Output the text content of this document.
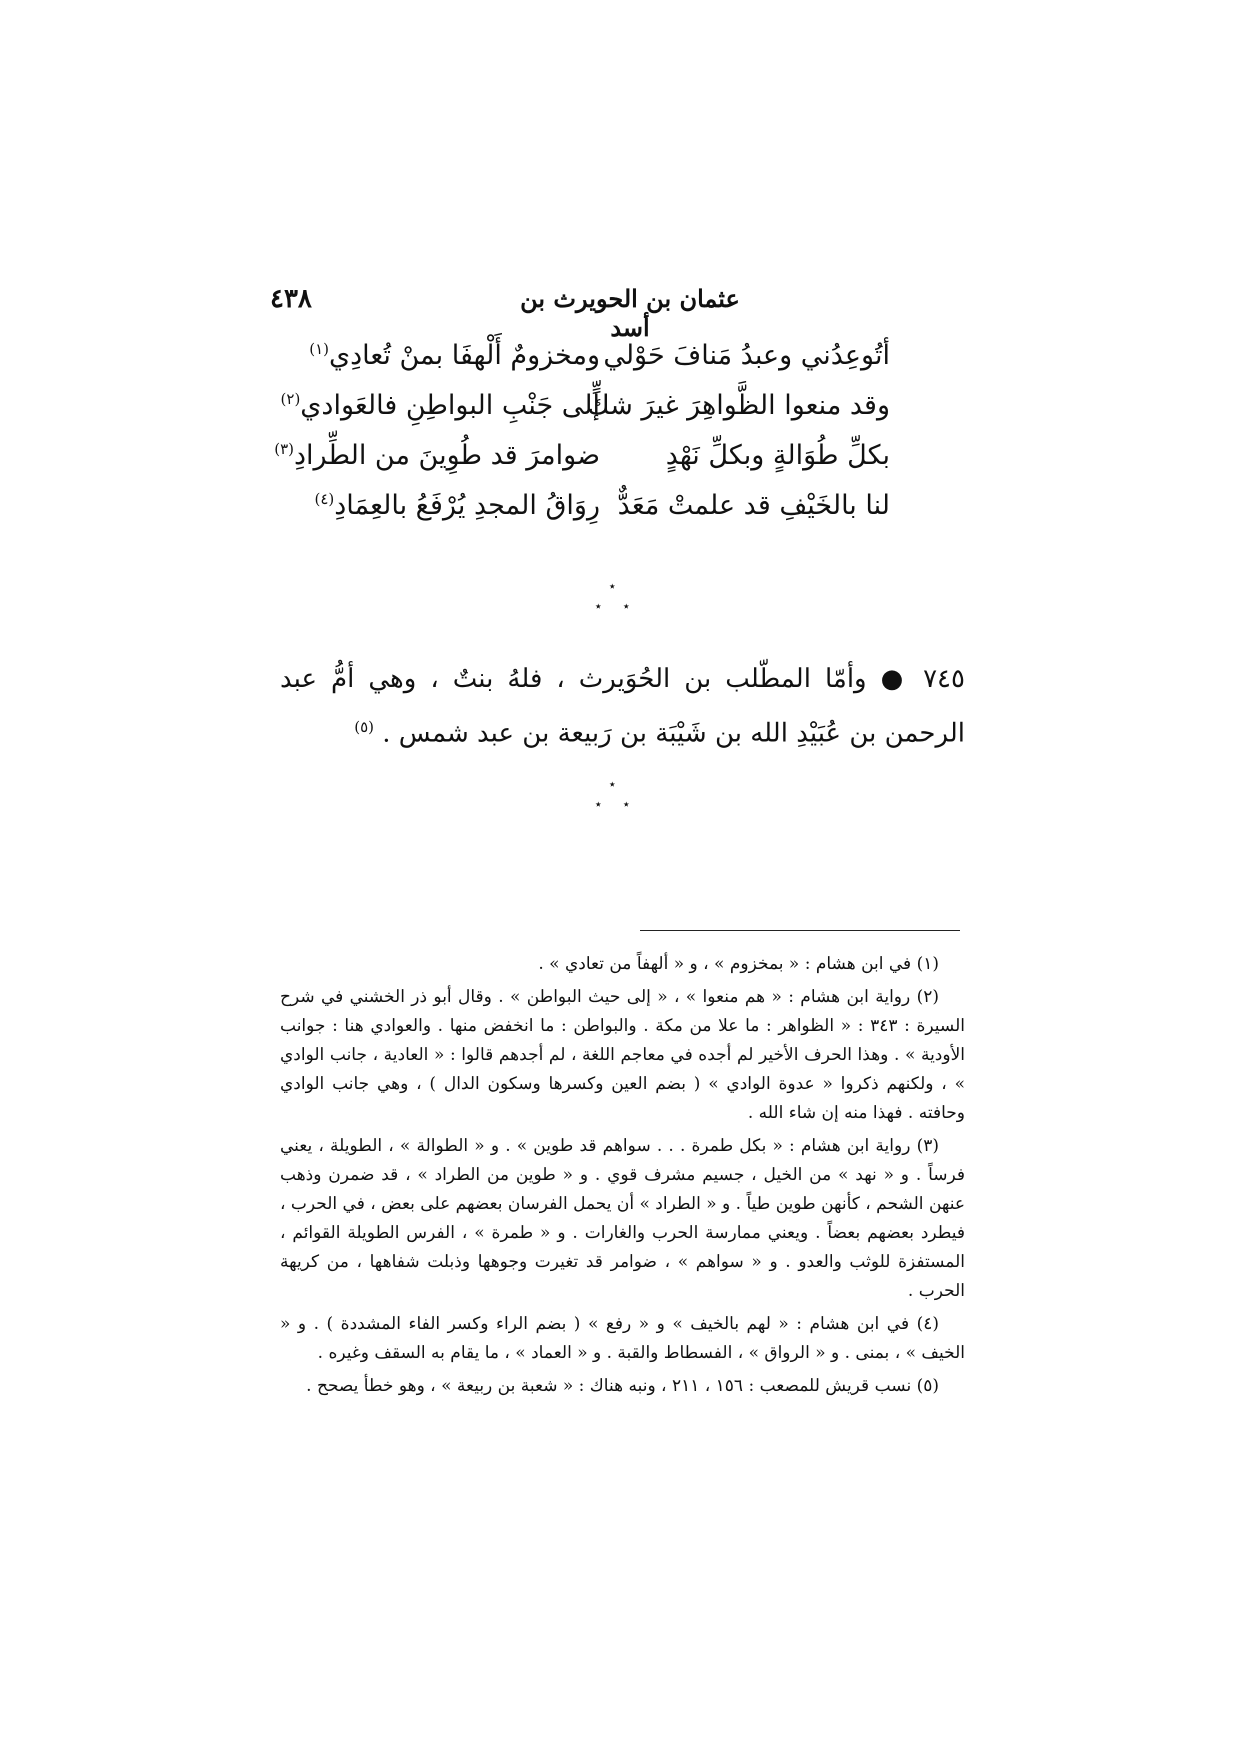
٤٣٨	عثمان بن الحويرث بن أسد
أتُوعِدُني وعبدُ مَنافَ حَوْلي
ومخزومٌ أَلْهفَا بمنْ تُعادِي$^{(١)}$
وقد منعوا الظَّواهِرَ غيرَ شكٍّ
إلى جَنْبِ البواطِنِ فالعَوادي$^{(٢)}$
بكلِّ طُوَالةٍ وبكلِّ نَهْدٍ
ضوامرَ قد طُوِينَ من الطِّرادِ$^{(٣)}$
لنا بالخَيْفِ قد علمتْ مَعَدٌّ
رِوَاقُ المجدِ يُرْفَعُ بالعِمَادِ$^{(٤)}$
٭
٭ ٭
٧٤٥ ● وأمّا المطّلب بن الحُوَيرث ، فلهُ بنتٌ ، وهي أمُّ عبد الرحمن بن عُبَيْدِ الله بن شَيْبَة بن رَبيعة بن عبد شمس . $^{(٥)}$
٭
٭ ٭

(١) في ابن هشام : « بمخزوم » ، و « ألهفاً من تعادي » .

(٢) رواية ابن هشام : « هم منعوا » ، « إلى حيث البواطن » . وقال أبو ذر الخشني في شرح السيرة : ٣٤٣ : « الظواهر : ما علا من مكة . والبواطن : ما انخفض منها . والعوادي هنا : جوانب الأودية » . وهذا الحرف الأخير لم أجده في معاجم اللغة ، لم أجدهم قالوا : « العادية ، جانب الوادي » ، ولكنهم ذكروا « عدوة الوادي » ( بضم العين وكسرها وسكون الدال ) ، وهي جانب الوادي وحافته . فهذا منه إن شاء الله .

(٣) رواية ابن هشام : « بكل طمرة . . . سواهم قد طوين » . و « الطوالة » ، الطويلة ، يعني فرساً . و « نهد » من الخيل ، جسيم مشرف قوي . و « طوين من الطراد » ، قد ضمرن وذهب عنهن الشحم ، كأنهن طوين طياً . و « الطراد » أن يحمل الفرسان بعضهم على بعض ، في الحرب ، فيطرد بعضهم بعضاً . ويعني ممارسة الحرب والغارات . و « طمرة » ، الفرس الطويلة القوائم ، المستفزة للوثب والعدو . و « سواهم » ، ضوامر قد تغيرت وجوهها وذبلت شفاهها ، من كريهة الحرب .

(٤) في ابن هشام : « لهم بالخيف » و « رفع » ( بضم الراء وكسر الفاء المشددة ) . و « الخيف » ، بمنى . و « الرواق » ، الفسطاط والقبة . و « العماد » ، ما يقام به السقف وغيره .

(٥) نسب قريش للمصعب : ١٥٦ ، ٢١١ ، ونبه هناك : « شعبة بن ربيعة » ، وهو خطأ يصحح .
